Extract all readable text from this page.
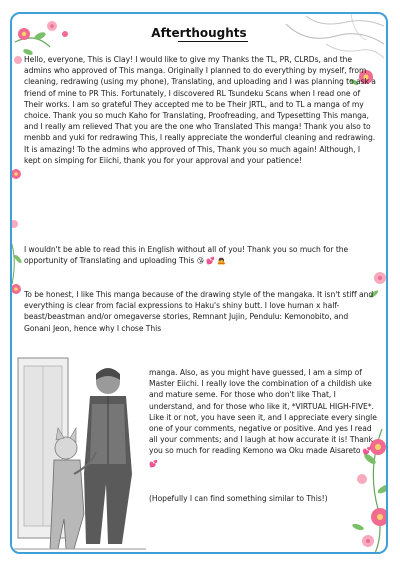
Afterthoughts

Hello, everyone, This is Clay! I would like to give my Thanks the TL, PR, CLRDs, and the admins who approved of This manga. Originally I planned to do everything by myself, from cleaning, redrawing (using my phone), Translating, and uploading and I was planning to ask a friend of mine to PR This. Fortunately, I discovered RL Tsundeku Scans when I read one of Their works. I am so grateful They accepted me to be Their JRTL, and to TL a manga of my choice. Thank you so much Kaho for Translating, Proofreading, and Typesetting This manga, and I really am relieved That you are the one who Translated This manga! Thank you also to menbb and yuki for redrawing This, I really appreciate the wonderful cleaning and redrawing. It is amazing! To the admins who approved of This, Thank you so much again! Although, I kept on simping for Eiichi, thank you for your approval and your patience!

I wouldn't be able to read this in English without all of you! Thank you so much for the opportunity of Translating and uploading This 😘 💕 🙇

To be honest, I like This manga because of the drawing style of the mangaka. It isn't stiff and everything is clear from facial expressions to Haku's shiny butt. I love human x half-beast/beastman and/or omegaverse stories, Remnant Jujin, Pendulu: Kemonobito, and Gonani Jeon, hence why I chose This

manga. Also, as you might have guessed, I am a simp of Master Eiichi. I really love the combination of a childish uke and mature seme. For those who don't like That, I understand, and for those who like it, *VIRTUAL HIGH-FIVE*. Like it or not, you have seen it, and I appreciate every single one of your comments, negative or positive. And yes I read all your comments; and I laugh at how accurate it is! Thank you so much for reading Kemono wa Oku made Aisareto 💕 💕

(Hopefully I can find something similar to This!)
